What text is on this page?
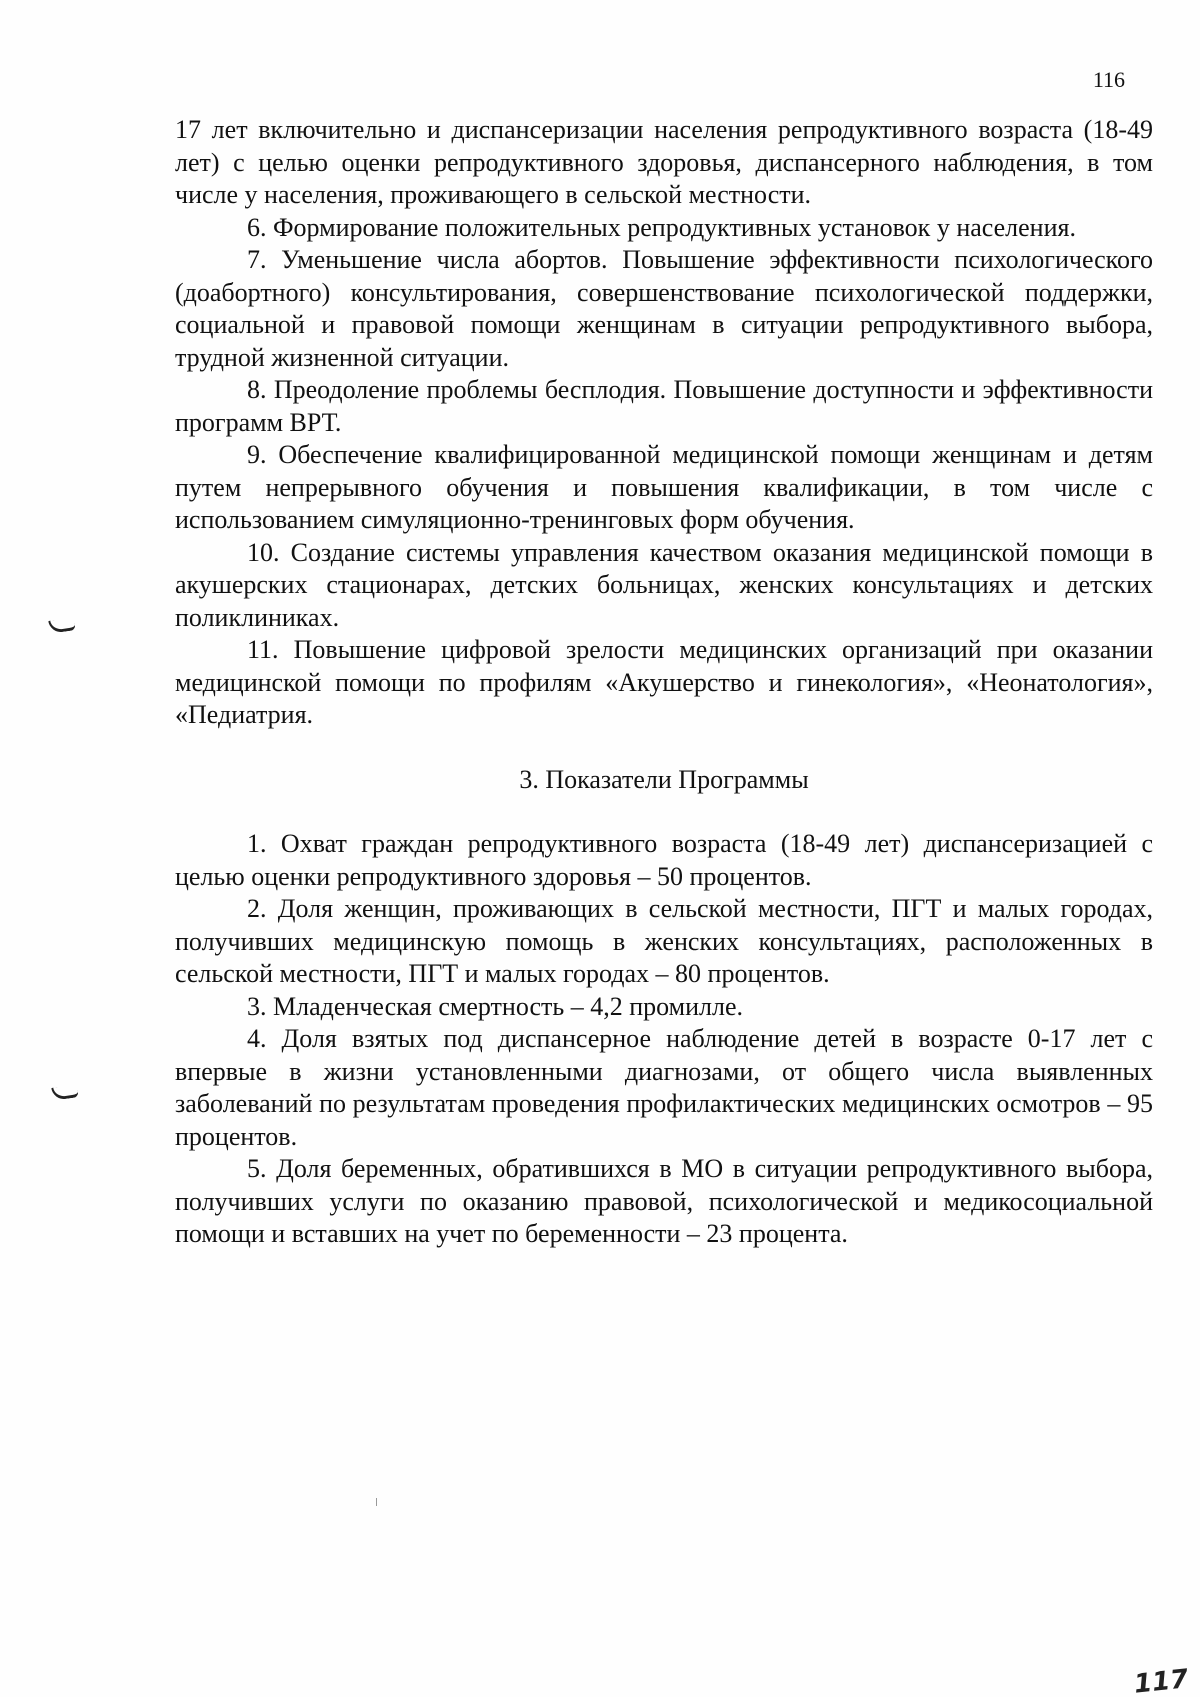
116

17 лет включительно и диспансеризации населения репродуктивного возраста (18-49 лет) с целью оценки репродуктивного здоровья, диспансерного наблюдения, в том числе у населения, проживающего в сельской местности.

6. Формирование положительных репродуктивных установок у населения.

7. Уменьшение числа абортов. Повышение эффективности психологического (доабортного) консультирования, совершенствование психологической поддержки, социальной и правовой помощи женщинам в ситуации репродуктивного выбора, трудной жизненной ситуации.

8. Преодоление проблемы бесплодия. Повышение доступности и эффективности программ ВРТ.

9. Обеспечение квалифицированной медицинской помощи женщинам и детям путем непрерывного обучения и повышения квалификации, в том числе с использованием симуляционно-тренинговых форм обучения.

10. Создание системы управления качеством оказания медицинской помощи в акушерских стационарах, детских больницах, женских консультациях и детских поликлиниках.

11. Повышение цифровой зрелости медицинских организаций при оказании медицинской помощи по профилям «Акушерство и гинекология», «Неонатология», «Педиатрия.

3. Показатели Программы

1. Охват граждан репродуктивного возраста (18-49 лет) диспансеризацией с целью оценки репродуктивного здоровья – 50 процентов.

2. Доля женщин, проживающих в сельской местности, ПГТ и малых городах, получивших медицинскую помощь в женских консультациях, расположенных в сельской местности, ПГТ и малых городах – 80 процентов.

3. Младенческая смертность – 4,2 промилле.

4. Доля взятых под диспансерное наблюдение детей в возрасте 0-17 лет с впервые в жизни установленными диагнозами, от общего числа выявленных заболеваний по результатам проведения профилактических медицинских осмотров – 95 процентов.

5. Доля беременных, обратившихся в МО в ситуации репродуктивного выбора, получивших услуги по оказанию правовой, психологической и медикосоциальной помощи и вставших на учет по беременности – 23 процента.

117
